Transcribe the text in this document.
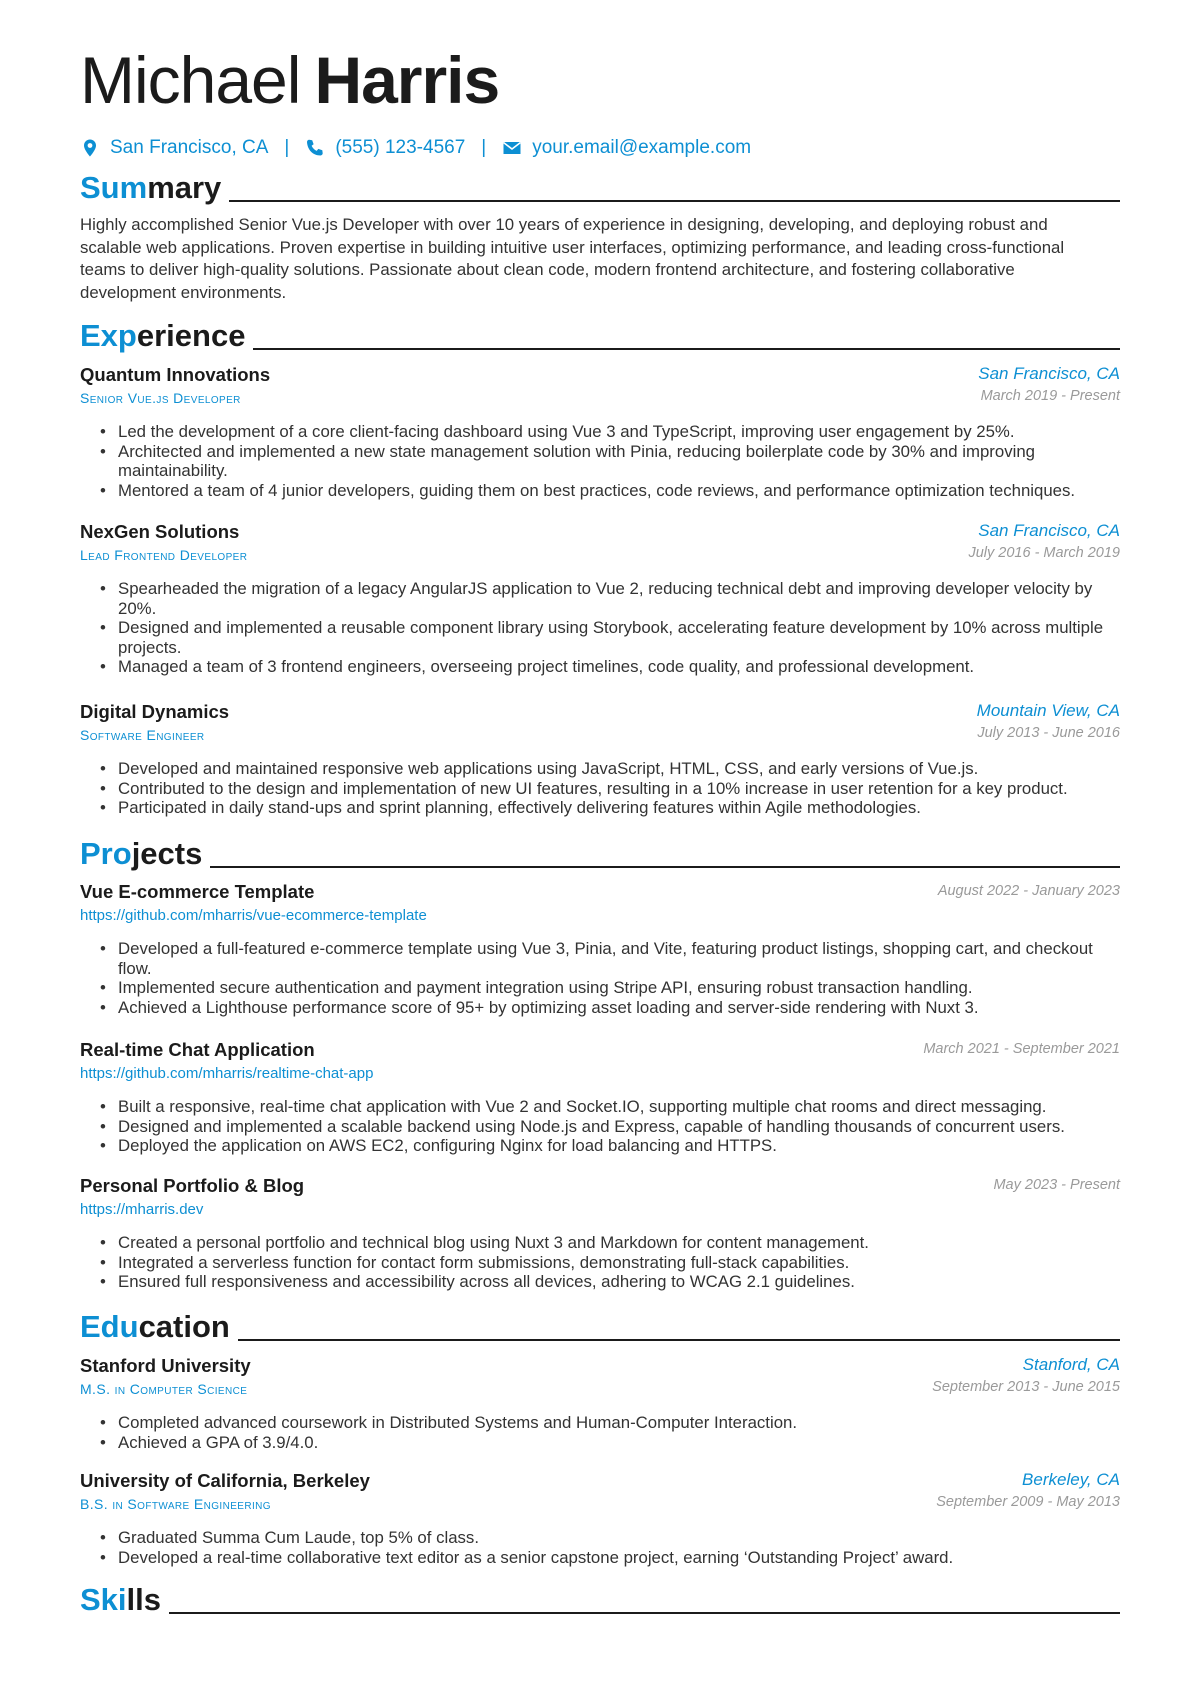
Michael Harris
San Francisco, CA | (555) 123-4567 | your.email@example.com
Summary

Highly accomplished Senior Vue.js Developer with over 10 years of experience in designing, developing, and deploying robust and scalable web applications. Proven expertise in building intuitive user interfaces, optimizing performance, and leading cross-functional teams to deliver high-quality solutions. Passionate about clean code, modern frontend architecture, and fostering collaborative development environments.

Experience
Quantum Innovations	San Francisco, CA
Senior Vue.js Developer	March 2019 - Present
• Led the development of a core client-facing dashboard using Vue 3 and TypeScript, improving user engagement by 25%.
• Architected and implemented a new state management solution with Pinia, reducing boilerplate code by 30% and improving maintainability.
• Mentored a team of 4 junior developers, guiding them on best practices, code reviews, and performance optimization techniques.
NexGen Solutions	San Francisco, CA
Lead Frontend Developer	July 2016 - March 2019
• Spearheaded the migration of a legacy AngularJS application to Vue 2, reducing technical debt and improving developer velocity by 20%.
• Designed and implemented a reusable component library using Storybook, accelerating feature development by 10% across multiple projects.
• Managed a team of 3 frontend engineers, overseeing project timelines, code quality, and professional development.
Digital Dynamics	Mountain View, CA
Software Engineer	July 2013 - June 2016
• Developed and maintained responsive web applications using JavaScript, HTML, CSS, and early versions of Vue.js.
• Contributed to the design and implementation of new UI features, resulting in a 10% increase in user retention for a key product.
• Participated in daily stand-ups and sprint planning, effectively delivering features within Agile methodologies.
Projects
Vue E-commerce Template	August 2022 - January 2023
https://github.com/mharris/vue-ecommerce-template
• Developed a full-featured e-commerce template using Vue 3, Pinia, and Vite, featuring product listings, shopping cart, and checkout flow.
• Implemented secure authentication and payment integration using Stripe API, ensuring robust transaction handling.
• Achieved a Lighthouse performance score of 95+ by optimizing asset loading and server-side rendering with Nuxt 3.
Real-time Chat Application	March 2021 - September 2021
https://github.com/mharris/realtime-chat-app
• Built a responsive, real-time chat application with Vue 2 and Socket.IO, supporting multiple chat rooms and direct messaging.
• Designed and implemented a scalable backend using Node.js and Express, capable of handling thousands of concurrent users.
• Deployed the application on AWS EC2, configuring Nginx for load balancing and HTTPS.
Personal Portfolio & Blog	May 2023 - Present
https://mharris.dev
• Created a personal portfolio and technical blog using Nuxt 3 and Markdown for content management.
• Integrated a serverless function for contact form submissions, demonstrating full-stack capabilities.
• Ensured full responsiveness and accessibility across all devices, adhering to WCAG 2.1 guidelines.
Education
Stanford University	Stanford, CA
M.S. in Computer Science	September 2013 - June 2015
• Completed advanced coursework in Distributed Systems and Human-Computer Interaction.
• Achieved a GPA of 3.9/4.0.
University of California, Berkeley	Berkeley, CA
B.S. in Software Engineering	September 2009 - May 2013
• Graduated Summa Cum Laude, top 5% of class.
• Developed a real-time collaborative text editor as a senior capstone project, earning ‘Outstanding Project’ award.
Skills
